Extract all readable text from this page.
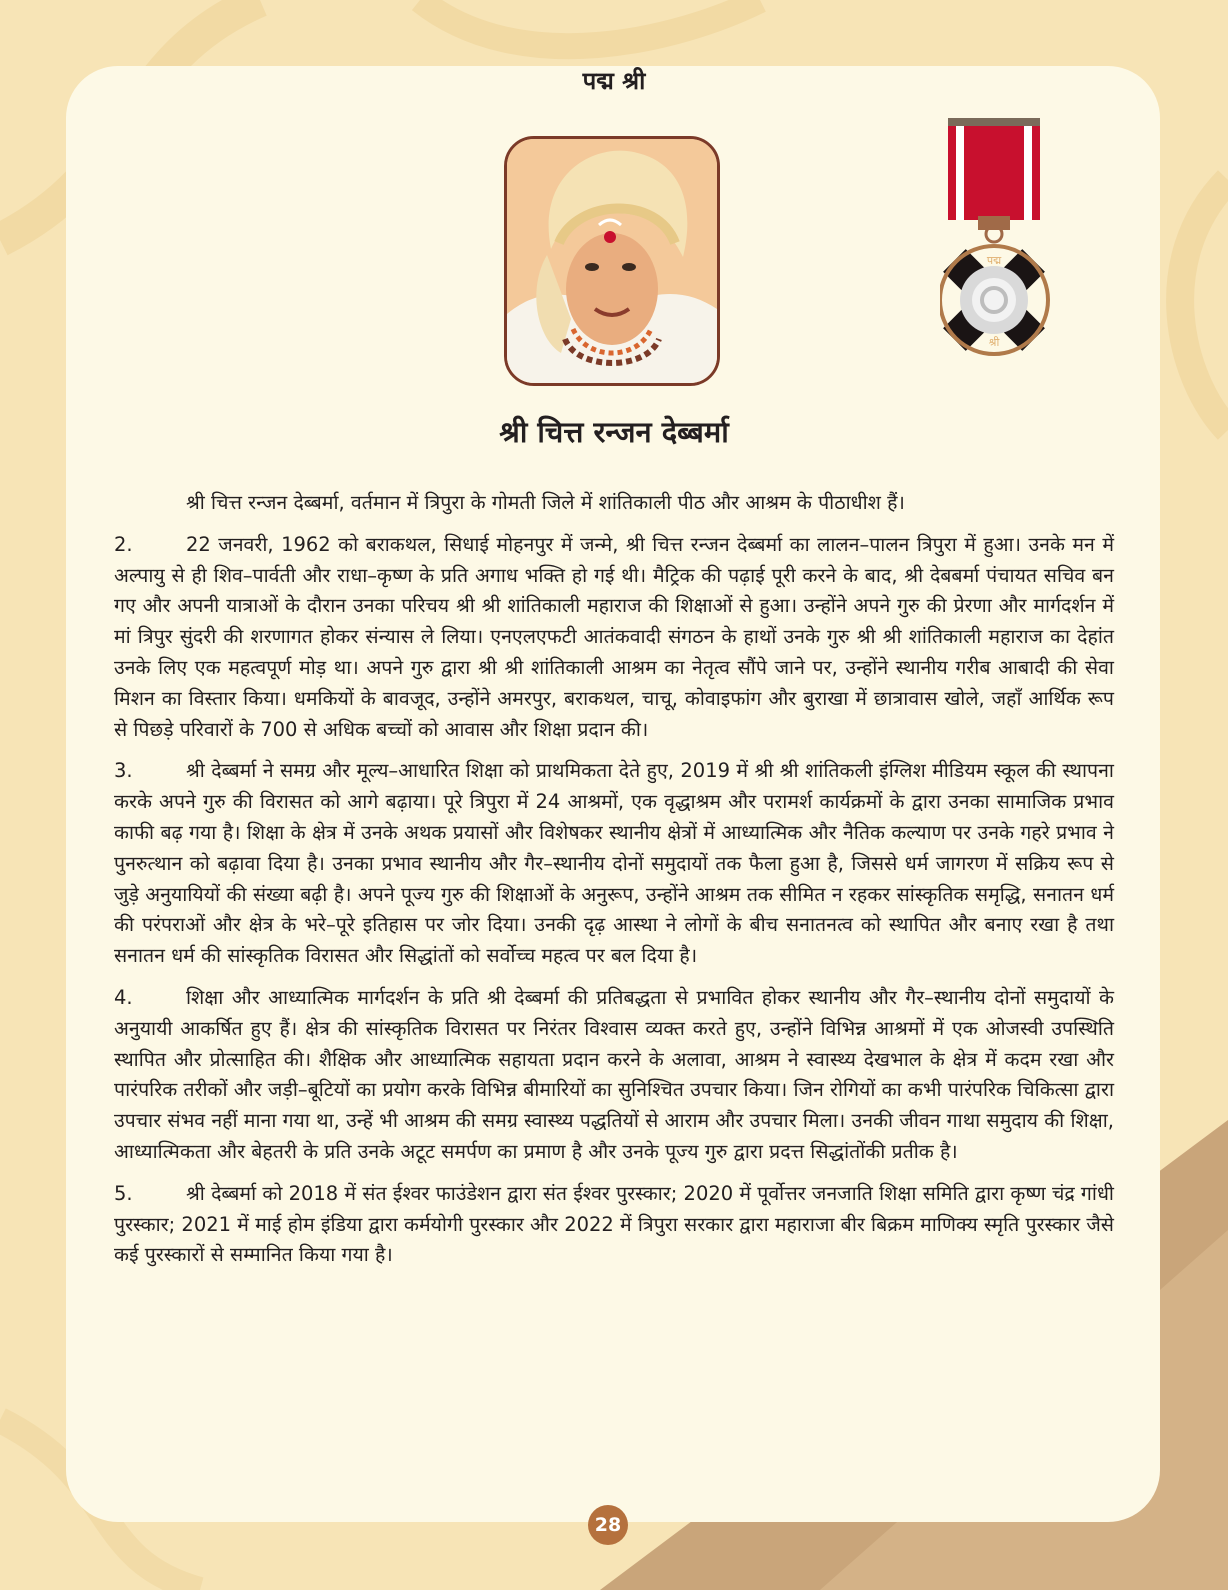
पद्म श्री
पद्म
श्री
श्री चित्त रन्जन देब्बर्मा

श्री चित्त रन्जन देब्बर्मा, वर्तमान में त्रिपुरा के गोमती जिले में शांतिकाली पीठ और आश्रम के पीठाधीश हैं।

2.	22 जनवरी, 1962 को बराकथल, सिधाई मोहनपुर में जन्मे, श्री चित्त रन्जन देब्बर्मा का लालन–पालन त्रिपुरा में हुआ। उनके मन में अल्पायु से ही शिव–पार्वती और राधा–कृष्ण के प्रति अगाध भक्ति हो गई थी। मैट्रिक की पढ़ाई पूरी करने के बाद, श्री देबबर्मा पंचायत सचिव बन गए और अपनी यात्राओं के दौरान उनका परिचय श्री श्री शांतिकाली महाराज की शिक्षाओं से हुआ। उन्होंने अपने गुरु की प्रेरणा और मार्गदर्शन में मां त्रिपुर सुंदरी की शरणागत होकर संन्यास ले लिया। एनएलएफटी आतंकवादी संगठन के हाथों उनके गुरु श्री श्री शांतिकाली महाराज का देहांत उनके लिए एक महत्वपूर्ण मोड़ था। अपने गुरु द्वारा श्री श्री शांतिकाली आश्रम का नेतृत्व सौंपे जाने पर, उन्होंने स्थानीय गरीब आबादी की सेवा मिशन का विस्तार किया। धमकियों के बावजूद, उन्होंने अमरपुर, बराकथल, चाचू, कोवाइफांग और बुराखा में छात्रावास खोले, जहाँ आर्थिक रूप से पिछड़े परिवारों के 700 से अधिक बच्चों को आवास और शिक्षा प्रदान की।

3.	श्री देब्बर्मा ने समग्र और मूल्य–आधारित शिक्षा को प्राथमिकता देते हुए, 2019 में श्री श्री शांतिकली इंग्लिश मीडियम स्कूल की स्थापना करके अपने गुरु की विरासत को आगे बढ़ाया। पूरे त्रिपुरा में 24 आश्रमों, एक वृद्धाश्रम और परामर्श कार्यक्रमों के द्वारा उनका सामाजिक प्रभाव काफी बढ़ गया है। शिक्षा के क्षेत्र में उनके अथक प्रयासों और विशेषकर स्थानीय क्षेत्रों में आध्यात्मिक और नैतिक कल्याण पर उनके गहरे प्रभाव ने पुनरुत्थान को बढ़ावा दिया है। उनका प्रभाव स्थानीय और गैर–स्थानीय दोनों समुदायों तक फैला हुआ है, जिससे धर्म जागरण में सक्रिय रूप से जुड़े अनुयायियों की संख्या बढ़ी है। अपने पूज्य गुरु की शिक्षाओं के अनुरूप, उन्होंने आश्रम तक सीमित न रहकर सांस्कृतिक समृद्धि, सनातन धर्म की परंपराओं और क्षेत्र के भरे–पूरे इतिहास पर जोर दिया। उनकी दृढ़ आस्था ने लोगों के बीच सनातनत्व को स्थापित और बनाए रखा है तथा सनातन धर्म की सांस्कृतिक विरासत और सिद्धांतों को सर्वोच्च महत्व पर बल दिया है।

4.	शिक्षा और आध्यात्मिक मार्गदर्शन के प्रति श्री देब्बर्मा की प्रतिबद्धता से प्रभावित होकर स्थानीय और गैर–स्थानीय दोनों समुदायों के अनुयायी आकर्षित हुए हैं। क्षेत्र की सांस्कृतिक विरासत पर निरंतर विश्वास व्यक्त करते हुए, उन्होंने विभिन्न आश्रमों में एक ओजस्वी उपस्थिति स्थापित और प्रोत्साहित की। शैक्षिक और आध्यात्मिक सहायता प्रदान करने के अलावा, आश्रम ने स्वास्थ्य देखभाल के क्षेत्र में कदम रखा और पारंपरिक तरीकों और जड़ी–बूटियों का प्रयोग करके विभिन्न बीमारियों का सुनिश्चित उपचार किया। जिन रोगियों का कभी पारंपरिक चिकित्सा द्वारा उपचार संभव नहीं माना गया था, उन्हें भी आश्रम की समग्र स्वास्थ्य पद्धतियों से आराम और उपचार मिला। उनकी जीवन गाथा समुदाय की शिक्षा, आध्यात्मिकता और बेहतरी के प्रति उनके अटूट समर्पण का प्रमाण है और उनके पूज्य गुरु द्वारा प्रदत्त सिद्धांतोंकी प्रतीक है।

5.	श्री देब्बर्मा को 2018 में संत ईश्वर फाउंडेशन द्वारा संत ईश्वर पुरस्कार; 2020 में पूर्वोत्तर जनजाति शिक्षा समिति द्वारा कृष्ण चंद्र गांधी पुरस्कार; 2021 में माई होम इंडिया द्वारा कर्मयोगी पुरस्कार और 2022 में त्रिपुरा सरकार द्वारा महाराजा बीर बिक्रम माणिक्य स्मृति पुरस्कार जैसे कई पुरस्कारों से सम्मानित किया गया है।

28
